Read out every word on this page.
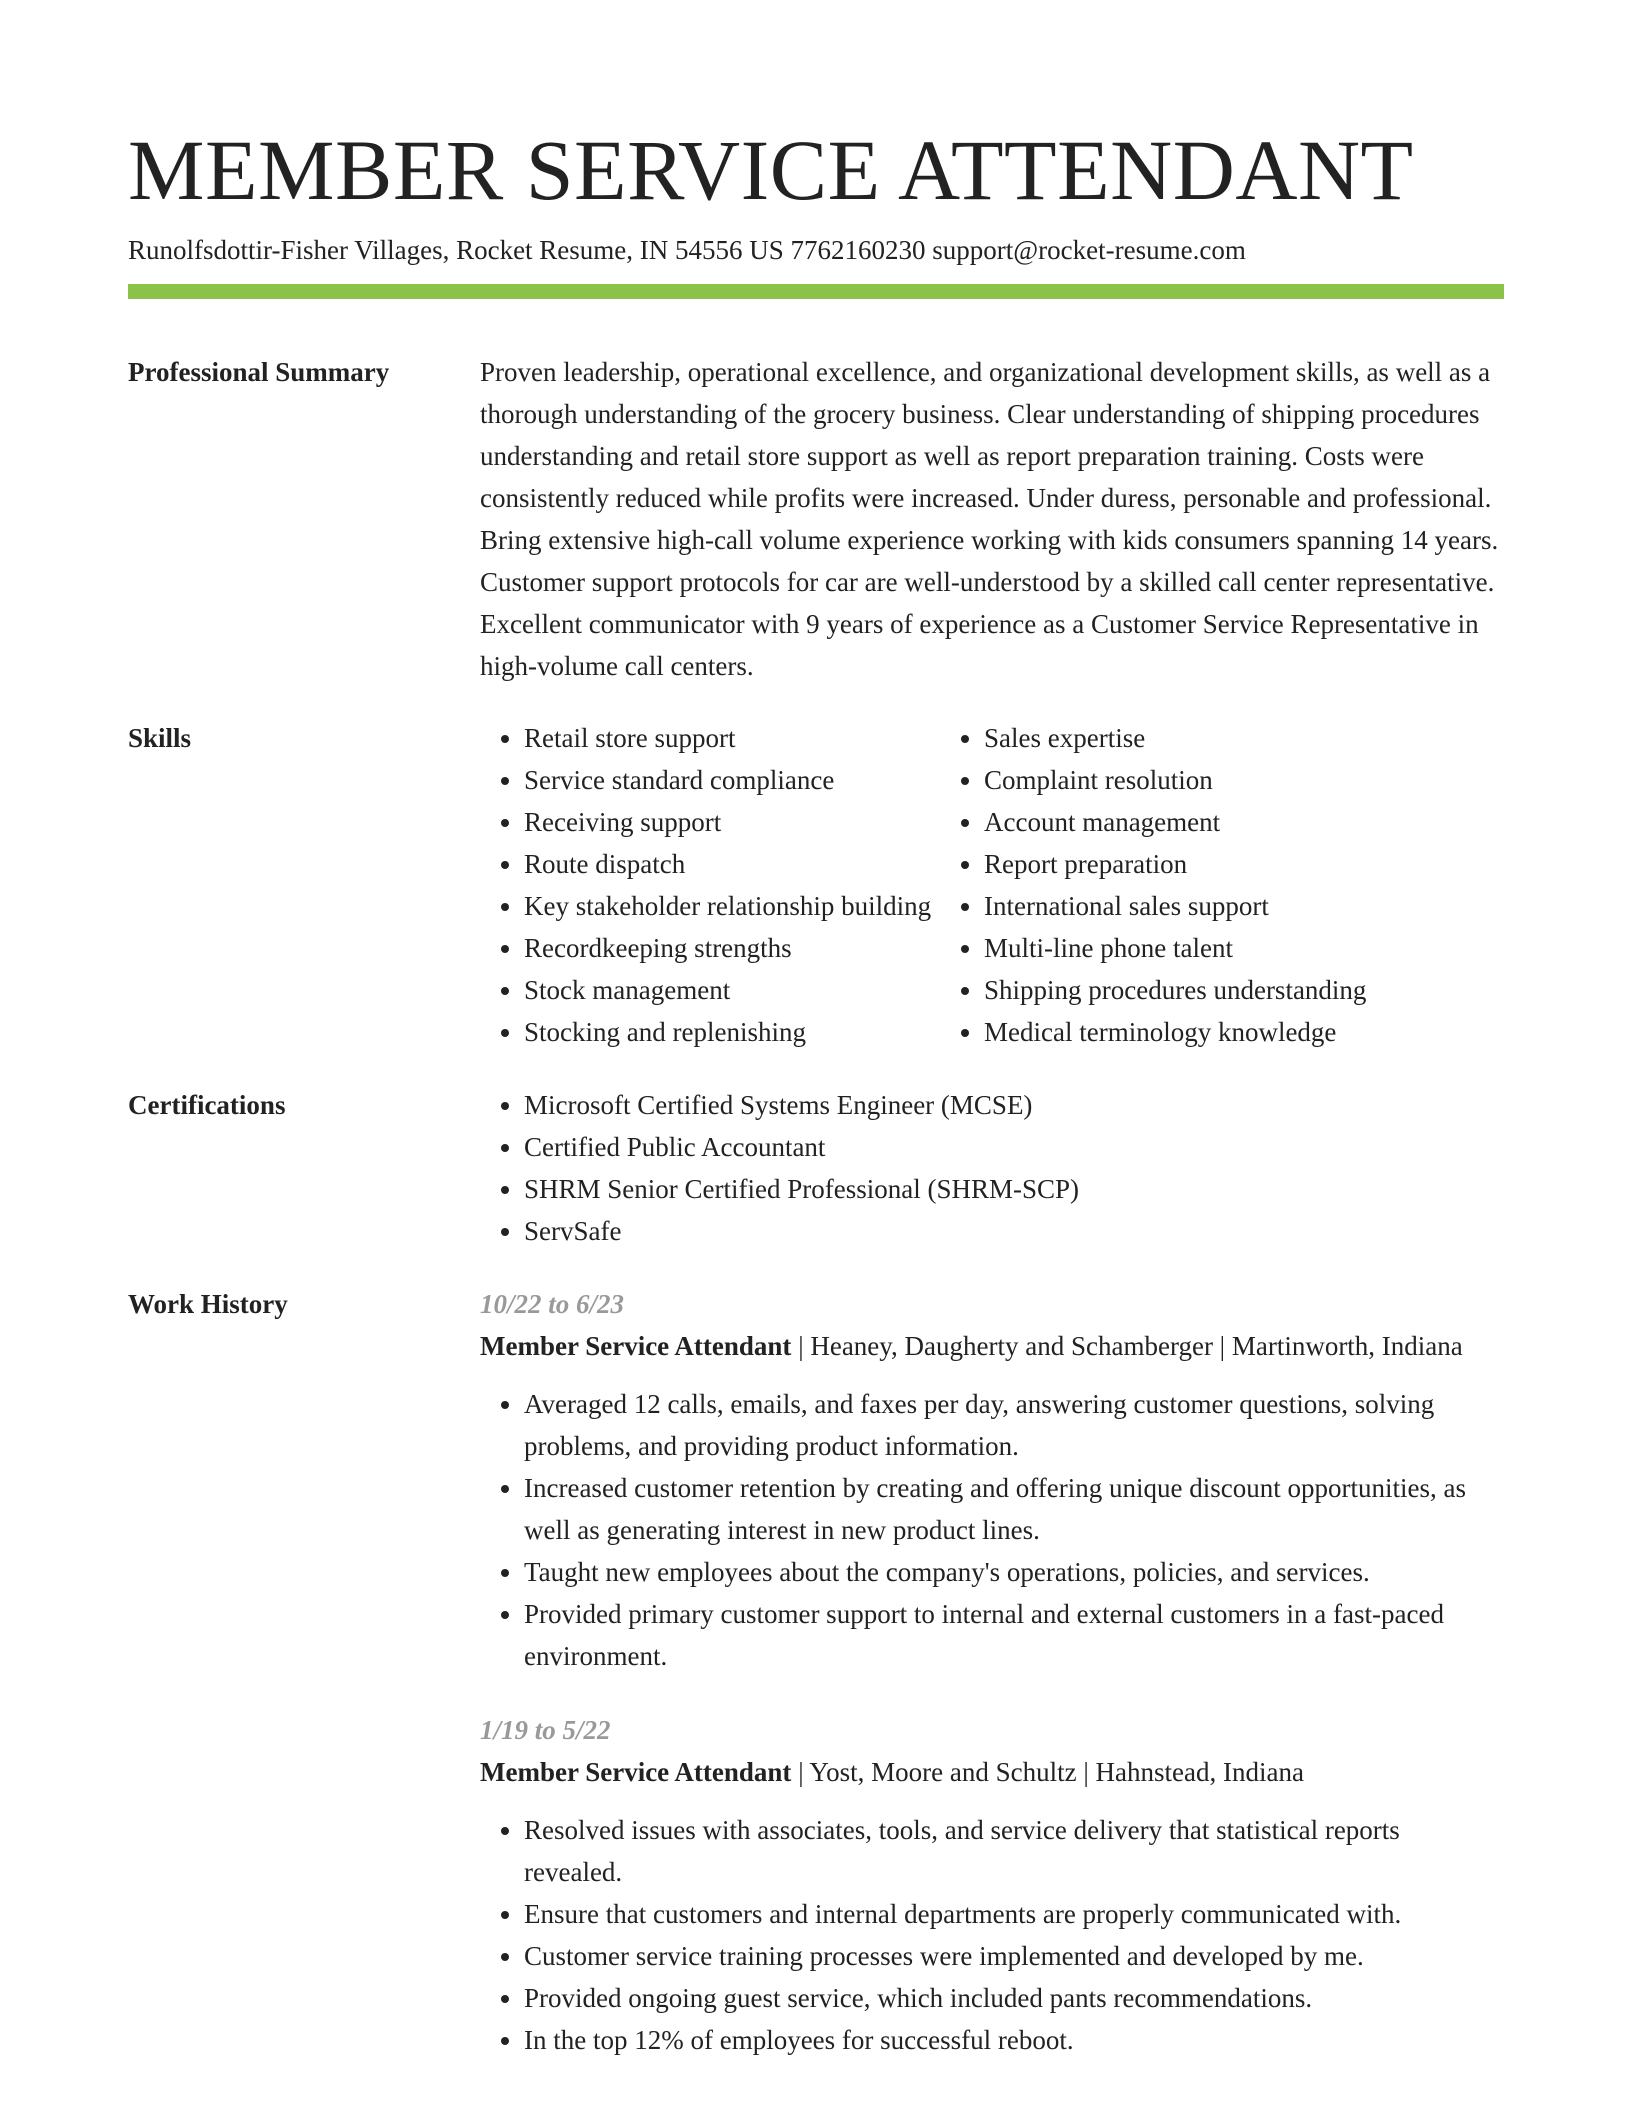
MEMBER SERVICE ATTENDANT
Runolfsdottir-Fisher Villages, Rocket Resume, IN 54556 US 7762160230 support@rocket-resume.com
Professional Summary	Proven leadership, operational excellence, and organizational development skills, as well as a thorough understanding of the grocery business. Clear understanding of shipping procedures understanding and retail store support as well as report preparation training. Costs were consistently reduced while profits were increased. Under duress, personable and professional. Bring extensive high-call volume experience working with kids consumers spanning 14 years. Customer support protocols for car are well-understood by a skilled call center representative. Excellent communicator with 9 years of experience as a Customer Service Representative in high-volume call centers.

Skills	• Retail store support
• Service standard compliance
• Receiving support
• Route dispatch
• Key stakeholder relationship building
• Recordkeeping strengths
• Stock management
• Stocking and replenishing
• Sales expertise
• Complaint resolution
• Account management
• Report preparation
• International sales support
• Multi-line phone talent
• Shipping procedures understanding
• Medical terminology knowledge
Certifications	• Microsoft Certified Systems Engineer (MCSE)
• Certified Public Accountant
• SHRM Senior Certified Professional (SHRM-SCP)
• ServSafe
Work History	10/22 to 6/23
Member Service Attendant | Heaney, Daugherty and Schamberger | Martinworth, Indiana
• Averaged 12 calls, emails, and faxes per day, answering customer questions, solving problems, and providing product information.
• Increased customer retention by creating and offering unique discount opportunities, as well as generating interest in new product lines.
• Taught new employees about the company's operations, policies, and services.
• Provided primary customer support to internal and external customers in a fast-paced environment.
1/19 to 5/22
Member Service Attendant | Yost, Moore and Schultz | Hahnstead, Indiana
• Resolved issues with associates, tools, and service delivery that statistical reports revealed.
• Ensure that customers and internal departments are properly communicated with.
• Customer service training processes were implemented and developed by me.
• Provided ongoing guest service, which included pants recommendations.
• In the top 12% of employees for successful reboot.
